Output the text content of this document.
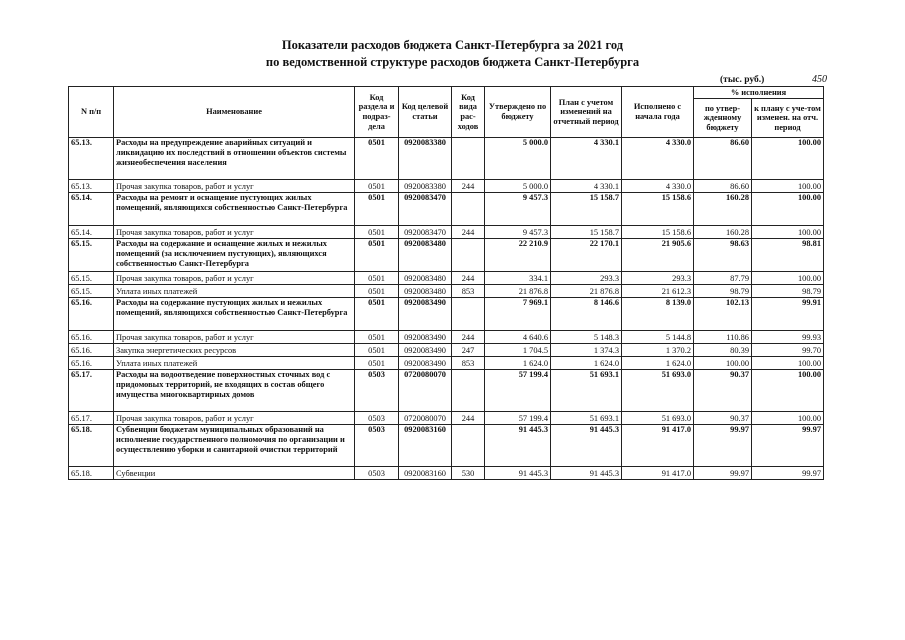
Показатели расходов бюджета Санкт-Петербурга за 2021 год
по ведомственной структуре расходов бюджета Санкт-Петербурга
(тыс. руб.)	450
N п/п	Наименование	Код раздела и подраз-дела	Код целевой статьи	Код вида рас-ходов	Утверждено по бюджету	План с учетом изменений на отчетный период	Исполнено с начала года	% исполнения	
								по утвер-жденному бюджету	к плану с уче-том изменен. на отч. период
65.13.	Расходы на предупреждение аварийных ситуаций и ликвидацию их последствий в отношении объектов системы жизнеобеспечения населения	0501	0920083380		5 000.0	4 330.1	4 330.0	86.60	100.00
65.13.	Прочая закупка товаров, работ и услуг	0501	0920083380	244	5 000.0	4 330.1	4 330.0	86.60	100.00
65.14.	Расходы на ремонт и оснащение пустующих жилых помещений, являющихся собственностью Санкт-Петербурга	0501	0920083470		9 457.3	15 158.7	15 158.6	160.28	100.00
65.14.	Прочая закупка товаров, работ и услуг	0501	0920083470	244	9 457.3	15 158.7	15 158.6	160.28	100.00
65.15.	Расходы на содержание и оснащение жилых и нежилых помещений (за исключением пустующих), являющихся собственностью Санкт-Петербурга	0501	0920083480		22 210.9	22 170.1	21 905.6	98.63	98.81
65.15.	Прочая закупка товаров, работ и услуг	0501	0920083480	244	334.1	293.3	293.3	87.79	100.00
65.15.	Уплата иных платежей	0501	0920083480	853	21 876.8	21 876.8	21 612.3	98.79	98.79
65.16.	Расходы на содержание пустующих жилых и нежилых помещений, являющихся собственностью Санкт-Петербурга	0501	0920083490		7 969.1	8 146.6	8 139.0	102.13	99.91
65.16.	Прочая закупка товаров, работ и услуг	0501	0920083490	244	4 640.6	5 148.3	5 144.8	110.86	99.93
65.16.	Закупка энергетических ресурсов	0501	0920083490	247	1 704.5	1 374.3	1 370.2	80.39	99.70
65.16.	Уплата иных платежей	0501	0920083490	853	1 624.0	1 624.0	1 624.0	100.00	100.00
65.17.	Расходы на водоотведение поверхностных сточных вод с придомовых территорий, не входящих в состав общего имущества многоквартирных домов	0503	0720080070		57 199.4	51 693.1	51 693.0	90.37	100.00
65.17.	Прочая закупка товаров, работ и услуг	0503	0720080070	244	57 199.4	51 693.1	51 693.0	90.37	100.00
65.18.	Субвенции бюджетам муниципальных образований на исполнение государственного полномочия по организации и осуществлению уборки и санитарной очистки территорий	0503	0920083160		91 445.3	91 445.3	91 417.0	99.97	99.97
65.18.	Субвенции	0503	0920083160	530	91 445.3	91 445.3	91 417.0	99.97	99.97
